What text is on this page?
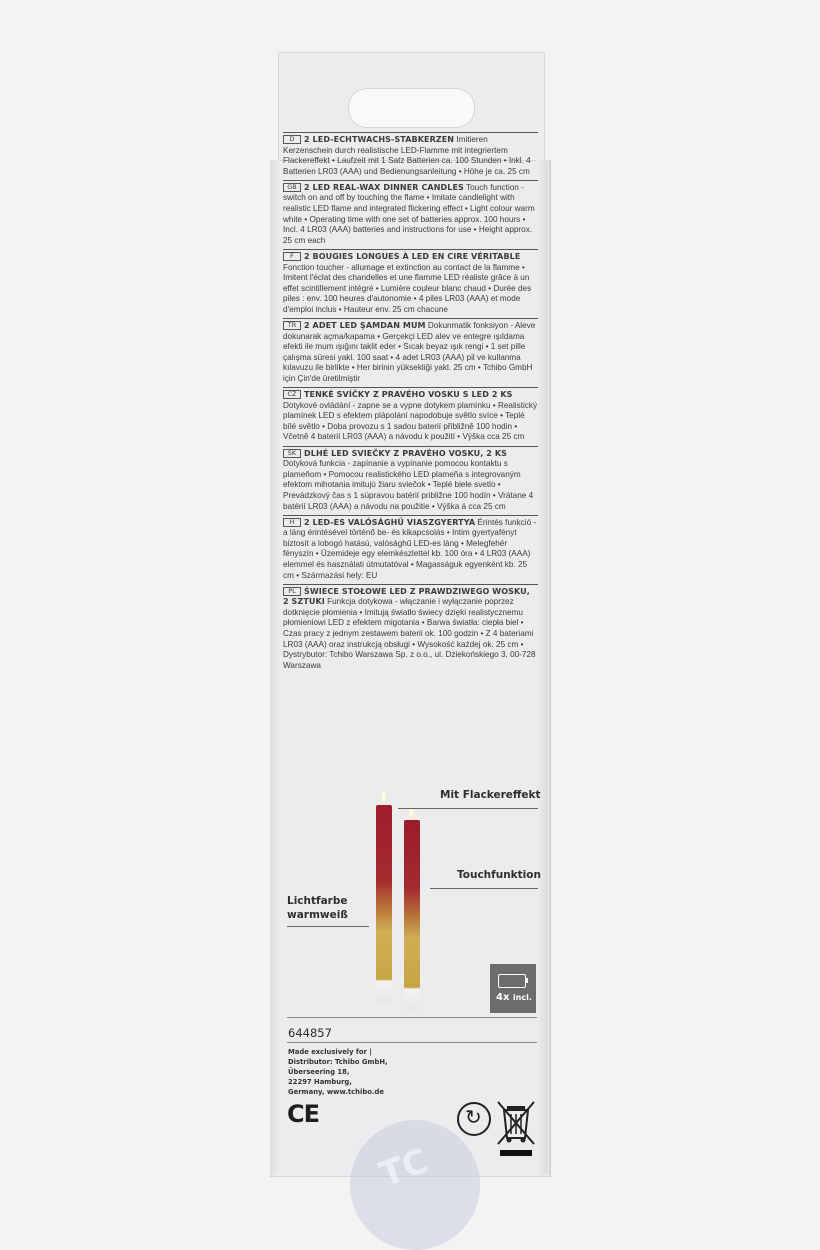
D 2 LED-ECHTWACHS-STABKERZEN Imitieren Kerzenschein durch realistische LED-Flamme mit integriertem Flackereffekt • Laufzeit mit 1 Satz Batterien ca. 100 Stunden • Inkl. 4 Batterien LR03 (AAA) und Bedienungsanleitung • Höhe je ca. 25 cm
GB 2 LED REAL-WAX DINNER CANDLES Touch function - switch on and off by touching the flame • Imitate candlelight with realistic LED flame and integrated flickering effect • Light colour warm white • Operating time with one set of batteries approx. 100 hours • Incl. 4 LR03 (AAA) batteries and instructions for use • Height approx. 25 cm each
F 2 BOUGIES LONGUES À LED EN CIRE VÉRITABLE Fonction toucher - allumage et extinction au contact de la flamme • Imitent l'éclat des chandelles et une flamme LED réaliste grâce à un effet scintillement intégré • Lumière couleur blanc chaud • Durée des piles : env. 100 heures d'autonomie • 4 piles LR03 (AAA) et mode d'emploi inclus • Hauteur env. 25 cm chacune
TR 2 ADET LED ŞAMDAN MUM Dokunmatik fonksiyon - Aleve dokunarak açma/kapama • Gerçekçi LED alev ve entegre ışıldama efekti ile mum ışığını taklit eder • Sıcak beyaz ışık rengi • 1 set pille çalışma süresi yakl. 100 saat • 4 adet LR03 (AAA) pil ve kullanma kılavuzu ile birlikte • Her birinin yüksekliği yakl. 25 cm • Tchibo GmbH için Çin'de üretilmiştir
CZ TENKÉ SVÍČKY Z PRAVÉHO VOSKU S LED 2 KS Dotykové ovládání - zapne se a vypne dotykem plamínku • Realistický plamínek LED s efektem plápolání napodobuje světlo svíce • Teplé bílé světlo • Doba provozu s 1 sadou baterií přibližně 100 hodin • Včetně 4 baterií LR03 (AAA) a návodu k použití • Výška cca 25 cm
SK DLHÉ LED SVIEČKY Z PRAVÉHO VOSKU, 2 KS Dotyková funkcia - zapínanie a vypínanie pomocou kontaktu s plameňom • Pomocou realistického LED plameňa s integrovaným efektom mihotania imitujú žiaru sviečok • Teplé biele svetlo • Prevádzkový čas s 1 súpravou batérií približne 100 hodín • Vrátane 4 batérií LR03 (AAA) a návodu na použitie • Výška á cca 25 cm
H 2 LED-ES VALÓSÁGHŰ VIASZGYERTYA Érintés funkció - a láng érintésével történő be- és kikapcsolás • Intim gyertyafényt biztosít a lobogó hatású, valósághű LED-es láng • Melegfehér fényszín • Üzemidejе egy elemkészlettel kb. 100 óra • 4 LR03 (AAA) elemmel és használati útmutatóval • Magasságuk egyenként kb. 25 cm • Származási hely: EU
PL ŚWIECE STOŁOWE LED Z PRAWDZIWEGO WOSKU, 2 SZTUKI Funkcja dotykowa - włączanie i wyłączanie poprzez dotknięcie płomienia • Imitują światło świecy dzięki realistycznemu płomieniowi LED z efektem migotania • Barwa światła: ciepła biel • Czas pracy z jednym zestawem baterii ok. 100 godzin • Z 4 bateriami LR03 (AAA) oraz instrukcją obsługi • Wysokość każdej ok. 25 cm • Dystrybutor: Tchibo Warszawa Sp. z o.o., ul. Dziekońskiego 3, 00-728 Warszawa
Mit Flackereffekt
Touchfunktion
Lichtfarbe
warmweiß
4x incl.
644857
Made exclusively for |
Distributor: Tchibo GmbH,
Überseering 18,
22297 Hamburg,
Germany, www.tchibo.de
TC
CE	↻
